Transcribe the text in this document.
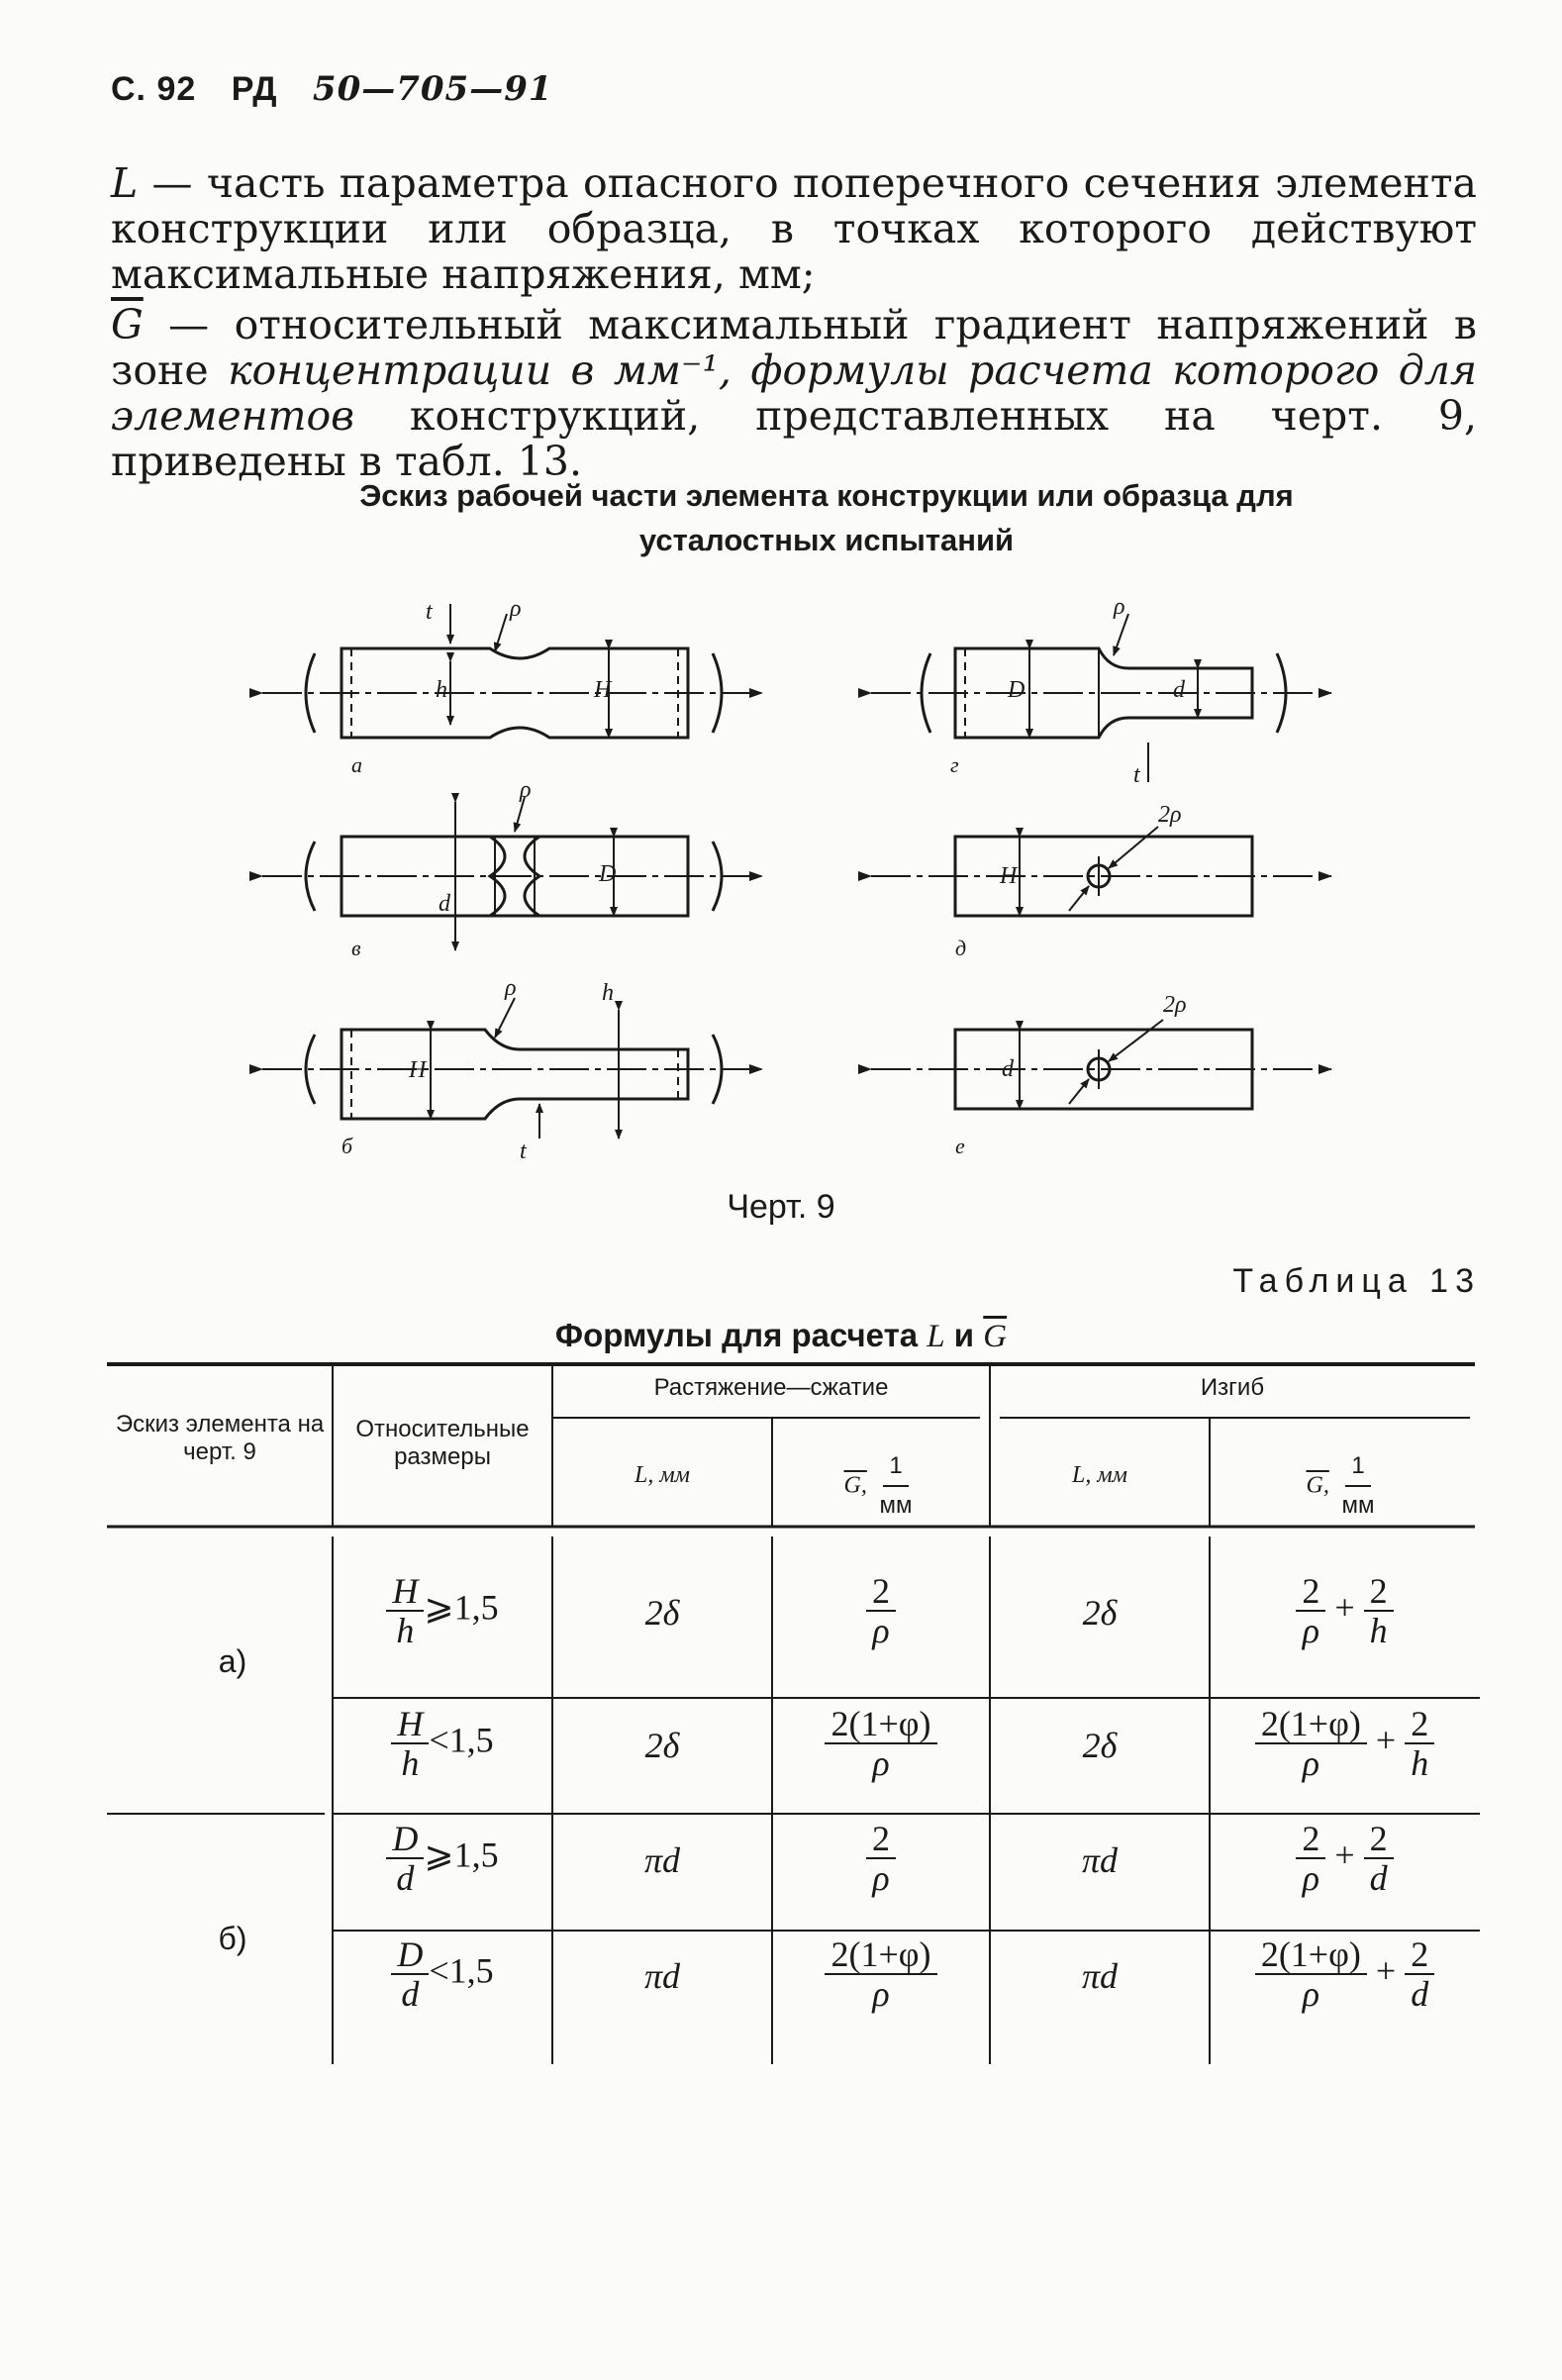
С. 92 РД 50—705—91
L — часть параметра опасного поперечного сечения элемента конструкции или образца, в точках которого действуют максимальные напряжения, мм;
$\overline{G}$ — относительный максимальный градиент напряжений в зоне концентрации в мм⁻¹, формулы расчета которого для элементов конструкций, представленных на черт. 9, приведены в табл. 13.
Эскиз рабочей части элемента конструкции или образца для
усталостных испытаний
h	H
t	ρ
а
D	d
ρ
t
г
d
D
ρ
в
H
2ρ
д
H
h
ρ
t
б
d
2ρ
е
Черт. 9
Таблица 13
Формулы для расчета L и $\overline{G}$
Эскиз элемента на черт. 9
Относительные размеры
Растяжение—сжатие	Изгиб
L, мм	G, $\frac{1}{мм}$	L, мм	G, $\frac{1}{мм}$
а)
б)
$\frac{H}{h}$ ⩾1,5	2δ	$\frac{2}{\rho}$	2δ	$\frac{2}{\rho} + \frac{2}{h}$
$\frac{H}{h} <1,5$	2δ	$\frac{2(1+\varphi)}{\rho}$	2δ	$\frac{2(1+\varphi)}{\rho} + \frac{2}{h}$
$\frac{D}{d}$ ⩾1,5	πd	$\frac{2}{\rho}$	πd	$\frac{2}{\rho} + \frac{2}{d}$
$\frac{D}{d} <1,5$	πd	$\frac{2(1+\varphi)}{\rho}$	πd	$\frac{2(1+\varphi)}{\rho} + \frac{2}{d}$
